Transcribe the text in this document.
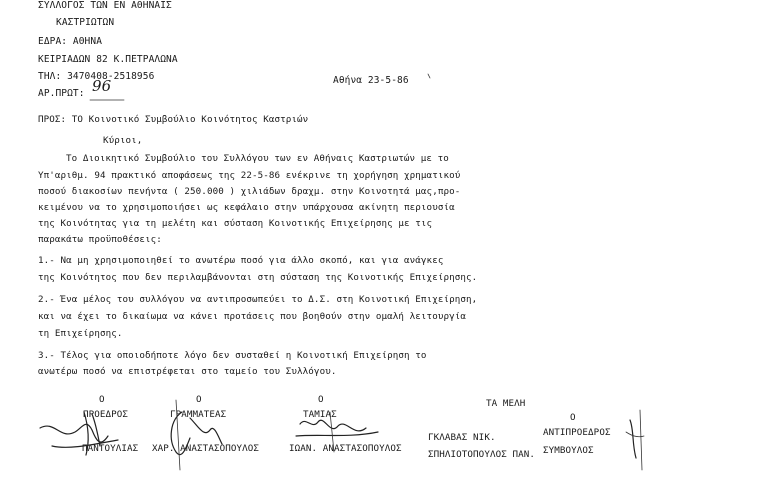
ΣΥΛΛΟΓΟΣ ΤΩΝ ΕΝ ΑΘΗΝΑΙΣ
ΚΑΣΤΡΙΩΤΩΝ
ΕΔΡΑ: ΑΘΗΝΑ
ΚΕΙΡΙΑΔΩΝ 82 Κ.ΠΕΤΡΑΛΩΝΑ
ΤΗΛ: 3470408-2518956
ΑΡ.ΠΡΩΤ: 96	Αθήνα 23-5-86
ΠΡΟΣ: ΤΟ Κοινοτικό Συμβούλιο Κοινότητος Καστριών
Κύριοι,
Το Διοικητικό Συμβούλιο του Συλλόγου των εν Αθήναις Καστριωτών με το
Υπ'αριθμ. 94 πρακτικό αποφάσεως της 22-5-86 ενέκρινε τη χορήγηση χρηματικού
ποσού διακοσίων πενήντα ( 250.000 ) χιλιάδων δραχμ. στην Κοινοτητά μας,προ-
κειμένου να το χρησιμοποιήσει ως κεφάλαιο στην υπάρχουσα ακίνητη περιουσία
της Κοινότητας για τη μελέτη και σύσταση Κοινοτικής Επιχείρησης με τις
παρακάτω προϋποθέσεις:
1.- Να μη χρησιμοποιηθεί το ανωτέρω ποσό για άλλο σκοπό, και για ανάγκες
της Κοινότητος που δεν περιλαμβάνονται στη σύσταση της Κοινοτικής Επιχείρησης.
2.- Ένα μέλος του συλλόγου να αντιπροσωπεύει το Δ.Σ. στη Κοινοτική Επιχείρηση,
και να έχει το δικαίωμα να κάνει προτάσεις που βοηθούν στην ομαλή λειτουργία
τη Επιχείρησης.
3.- Τέλος για οποιοδήποτε λόγο δεν συσταθεί η Κοινοτική Επιχείρηση το
ανωτέρω ποσό να επιστρέφεται στο ταμείο του Συλλόγου.
Ο	Ο	Ο
Ο
ΠΡΟΕΔΡΟΣ	ΓΡΑΜΜΑΤΕΑΣ	ΤΑΜΙΑΣ
ΤΑ ΜΕΛΗ
ΑΝΤΙΠΡΟΕΔΡΟΣ
ΠΑΝΤΟΥΛΙΑΣ ΧΑΡ. ΑΝΑΣΤΑΣΟΠΟΥΛΟΣ	ΙΩΑΝ. ΑΝΑΣΤΑΣΟΠΟΥΛΟΣ
ΓΚΛΑΒΑΣ ΝΙΚ.
ΣΠΗΛΙΟΤΟΠΟΥΛΟΣ ΠΑΝ. ΣΥΜΒΟΥΛΟΣ
